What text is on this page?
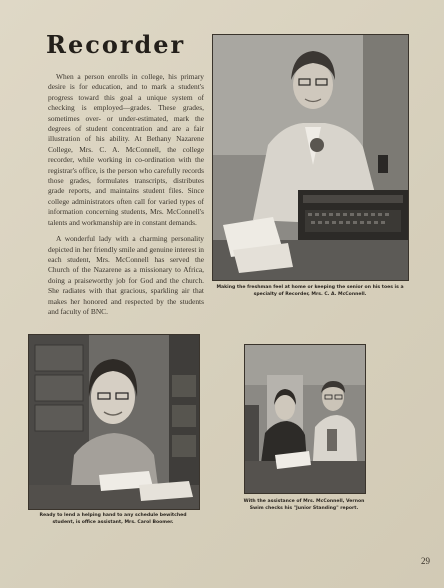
Recorder

When a person enrolls in college, his primary desire is for education, and to mark a student's progress toward this goal a unique system of checking is employed—grades. These grades, sometimes over- or under-estimated, mark the degrees of student concentration and are a fair illustration of his ability. At Bethany Nazarene College, Mrs. C. A. McConnell, the college recorder, while working in co-ordination with the registrar's office, is the person who carefully records those grades, formulates transcripts, distributes grade reports, and maintains student files. Since college administrators often call for varied types of information concerning students, Mrs. McConnell's talents and workmanship are in constant demands.

A wonderful lady with a charming personality depicted in her friendly smile and genuine interest in each student, Mrs. McConnell has served the Church of the Nazarene as a missionary to Africa, doing a praiseworthy job for God and the church. She radiates with that gracious, sparkling air that makes her honored and respected by the students and faculty of BNC.

Making the freshman feel at home or keeping the senior on his toes is a specialty of Recorder, Mrs. C. A. McConnell.
Ready to lend a helping hand to any schedule bewitched student, is office assistant, Mrs. Carol Boomer.
With the assistance of Mrs. McConnell, Vernon Swim checks his "Junior Standing" report.
29
